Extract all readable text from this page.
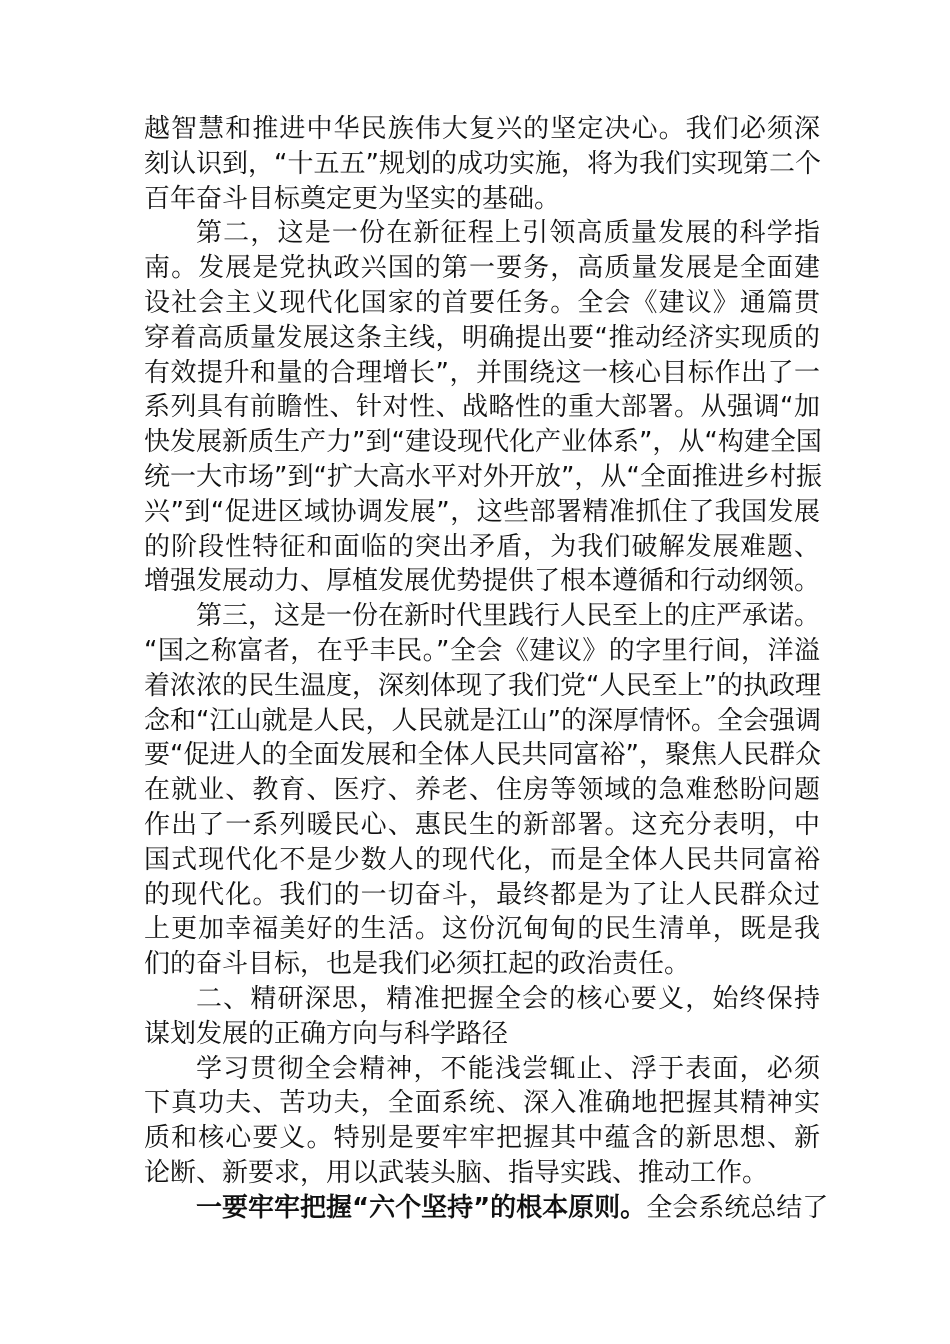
越智慧和推进中华民族伟大复兴的坚定决心。我们必须深
刻认识到，“十五五”规划的成功实施，将为我们实现第二个
百年奋斗目标奠定更为坚实的基础。
第二，这是一份在新征程上引领高质量发展的科学指
南。发展是党执政兴国的第一要务，高质量发展是全面建
设社会主义现代化国家的首要任务。全会《建议》通篇贯
穿着高质量发展这条主线，明确提出要“推动经济实现质的
有效提升和量的合理增长”，并围绕这一核心目标作出了一
系列具有前瞻性、针对性、战略性的重大部署。从强调“加
快发展新质生产力”到“建设现代化产业体系”，从“构建全国
统一大市场”到“扩大高水平对外开放”，从“全面推进乡村振
兴”到“促进区域协调发展”，这些部署精准抓住了我国发展
的阶段性特征和面临的突出矛盾，为我们破解发展难题、
增强发展动力、厚植发展优势提供了根本遵循和行动纲领。
第三，这是一份在新时代里践行人民至上的庄严承诺。
“国之称富者，在乎丰民。”全会《建议》的字里行间，洋溢
着浓浓的民生温度，深刻体现了我们党“人民至上”的执政理
念和“江山就是人民，人民就是江山”的深厚情怀。全会强调
要“促进人的全面发展和全体人民共同富裕”，聚焦人民群众
在就业、教育、医疗、养老、住房等领域的急难愁盼问题
作出了一系列暖民心、惠民生的新部署。这充分表明，中
国式现代化不是少数人的现代化，而是全体人民共同富裕
的现代化。我们的一切奋斗，最终都是为了让人民群众过
上更加幸福美好的生活。这份沉甸甸的民生清单，既是我
们的奋斗目标，也是我们必须扛起的政治责任。
二、精研深思，精准把握全会的核心要义，始终保持
谋划发展的正确方向与科学路径
学习贯彻全会精神，不能浅尝辄止、浮于表面，必须
下真功夫、苦功夫，全面系统、深入准确地把握其精神实
质和核心要义。特别是要牢牢把握其中蕴含的新思想、新
论断、新要求，用以武装头脑、指导实践、推动工作。
一要牢牢把握“六个坚持”的根本原则。全会系统总结了
